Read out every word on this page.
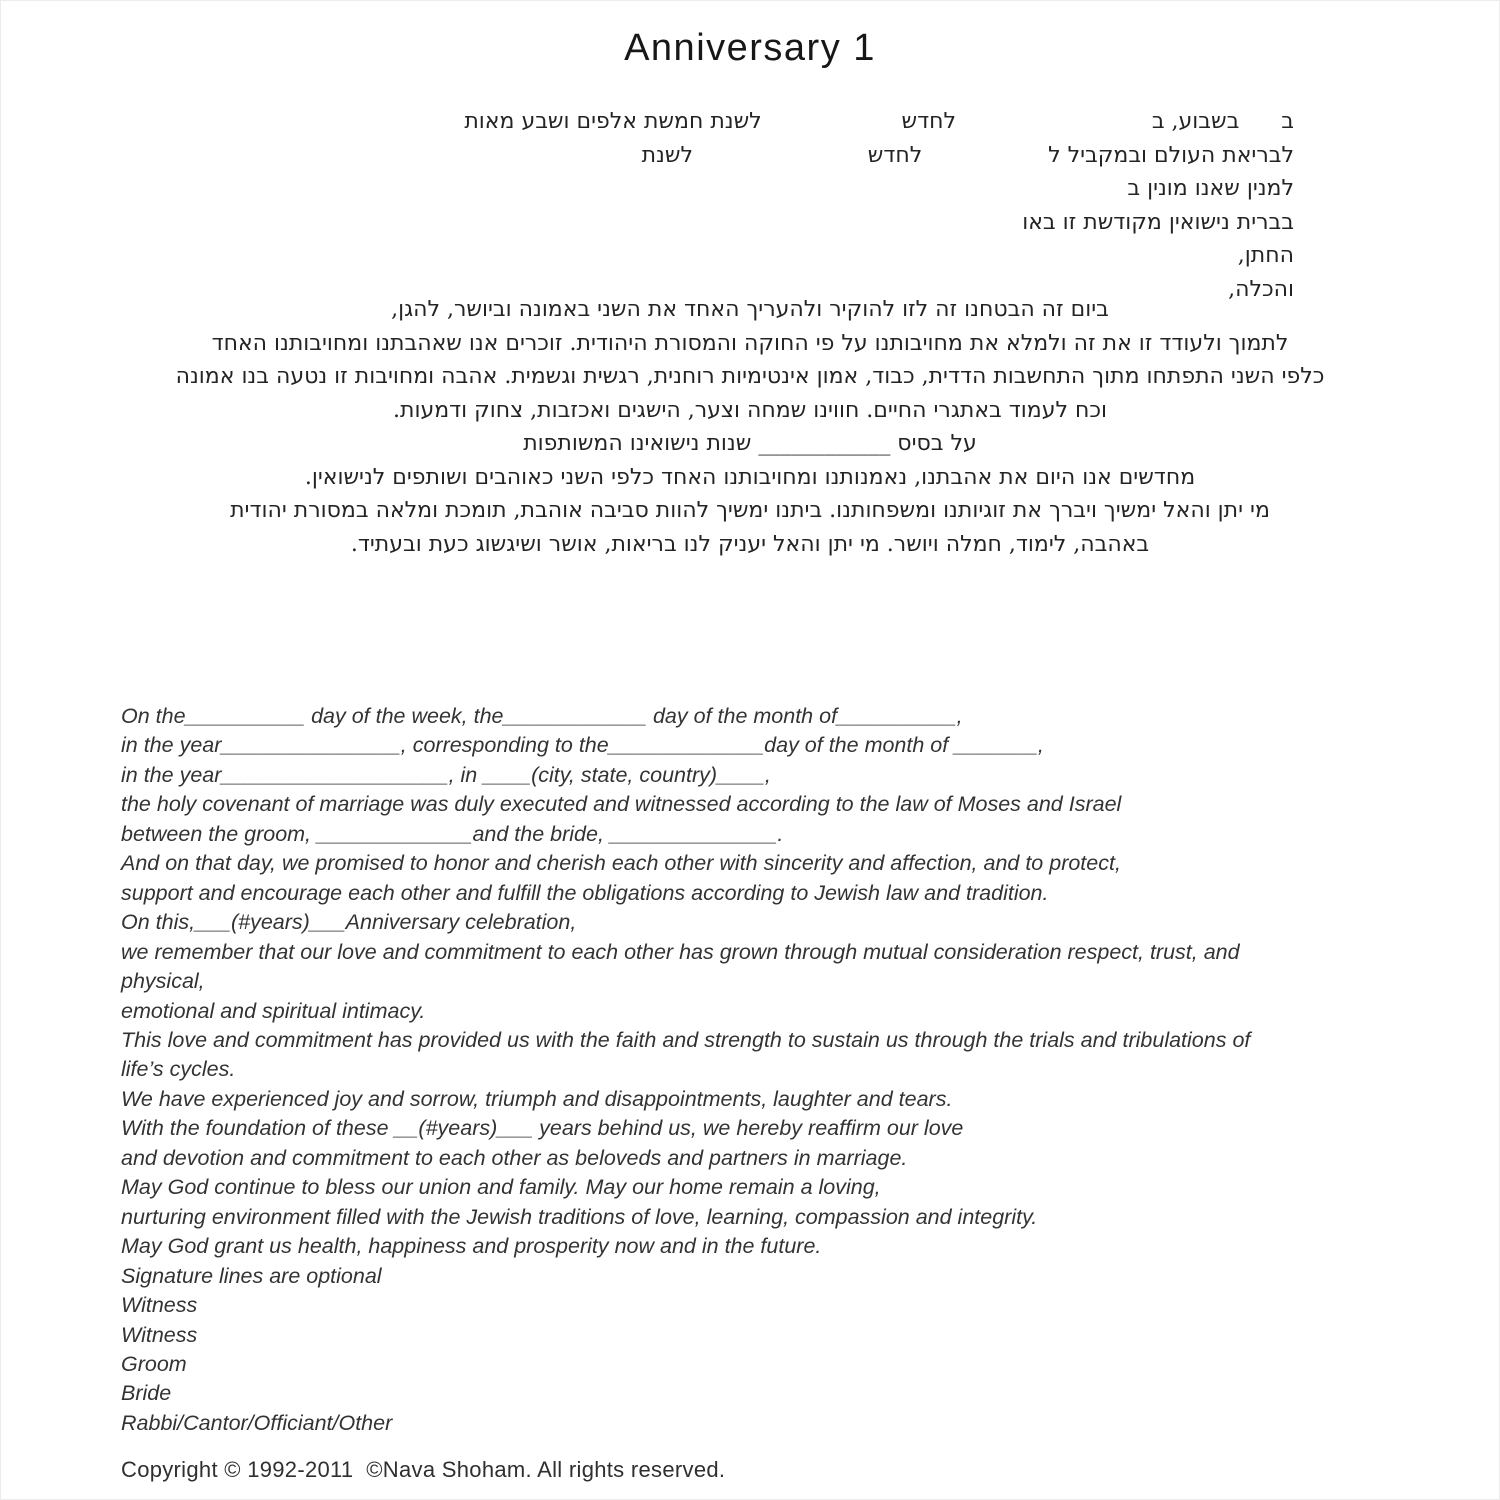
Anniversary 1
ב      בשבוע, ב                            לחדש                    לשנת חמשת אלפים ושבע מאות
לבריאת העולם ובמקביל ל                  לחדש                         לשנת
למנין שאנו מונין ב
בברית נישואין מקודשת זו באו
החתן,
והכלה,
ביום זה הבטחנו זה לזו להוקיר ולהעריך האחד את השני באמונה וביושר, להגן,
לתמוך ולעודד זו את זה ולמלא את מחויבותנו על פי החוקה והמסורת היהודית. זוכרים אנו שאהבתנו ומחויבותנו האחד
כלפי השני התפתחו מתוך התחשבות הדדית, כבוד, אמון אינטימיות רוחנית, רגשית וגשמית. אהבה ומחויבות זו נטעה בנו אמונה
וכח לעמוד באתגרי החיים. חווינו שמחה וצער, הישגים ואכזבות, צחוק ודמעות.
על בסיס ____________ שנות נישואינו המשותפות
מחדשים אנו היום את אהבתנו, נאמנותנו ומחויבותנו האחד כלפי השני כאוהבים ושותפים לנישואין.
מי יתן והאל ימשיך ויברך את זוגיותנו ומשפחותנו. ביתנו ימשיך להוות סביבה אוהבת, תומכת ומלאה במסורת יהודית
באהבה, לימוד, חמלה ויושר. מי יתן והאל יעניק לנו בריאות, אושר ושיגשוג כעת ובעתיד.
On the__________ day of the week, the____________ day of the month of__________,
in the year_______________, corresponding to the_____________day of the month of _______,
in the year___________________, in ____(city, state, country)____,
the holy covenant of marriage was duly executed and witnessed according to the law of Moses and Israel
between the groom, _____________and the bride, ______________.
And on that day, we promised to honor and cherish each other with sincerity and affection, and to protect,
support and encourage each other and fulfill the obligations according to Jewish law and tradition.
On this,___(#years)___Anniversary celebration,
we remember that our love and commitment to each other has grown through mutual consideration respect, trust, and
physical,
emotional and spiritual intimacy.
This love and commitment has provided us with the faith and strength to sustain us through the trials and tribulations of
life’s cycles.
We have experienced joy and sorrow, triumph and disappointments, laughter and tears.
With the foundation of these __(#years)___ years behind us, we hereby reaffirm our love
and devotion and commitment to each other as beloveds and partners in marriage.
May God continue to bless our union and family. May our home remain a loving,
nurturing environment filled with the Jewish traditions of love, learning, compassion and integrity.
May God grant us health, happiness and prosperity now and in the future.
Signature lines are optional
Witness
Witness
Groom
Bride
Rabbi/Cantor/Officiant/Other
Copyright © 1992-2011  ©Nava Shoham. All rights reserved.
